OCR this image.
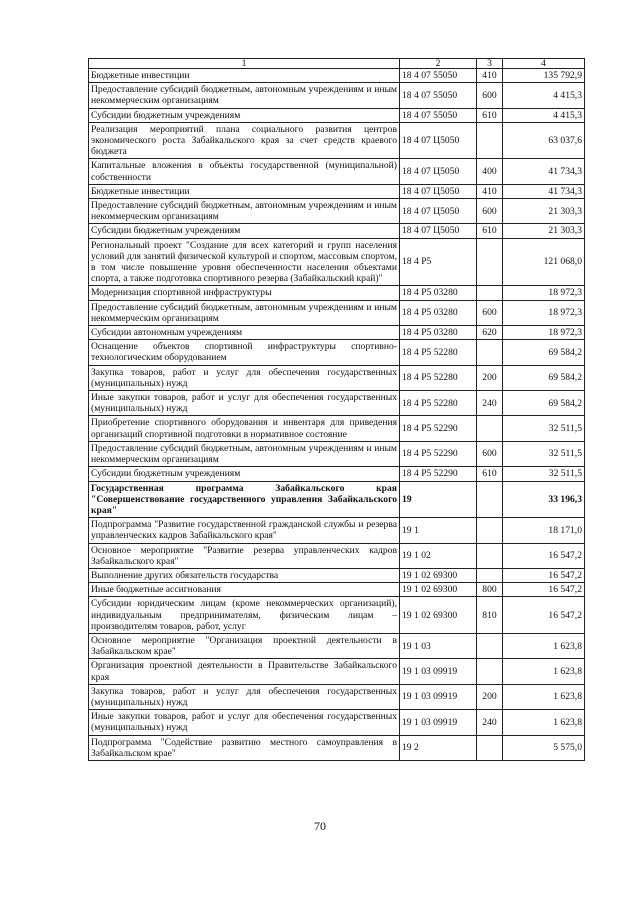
1	2	3	4
Бюджетные инвестиции	18 4 07 55050	410	135 792,9
Предоставление субсидий бюджетным, автономным учреждениям и иным некоммерческим организациям	18 4 07 55050	600	4 415,3
Субсидии бюджетным учреждениям	18 4 07 55050	610	4 415,3
Реализация мероприятий плана социального развития центров экономического роста Забайкальского края за счет средств краевого бюджета	18 4 07 Ц5050		63 037,6
Капитальные вложения в объекты государственной (муниципальной) собственности	18 4 07 Ц5050	400	41 734,3
Бюджетные инвестиции	18 4 07 Ц5050	410	41 734,3
Предоставление субсидий бюджетным, автономным учреждениям и иным некоммерческим организациям	18 4 07 Ц5050	600	21 303,3
Субсидии бюджетным учреждениям	18 4 07 Ц5050	610	21 303,3
Региональный проект "Создание для всех категорий и групп населения условий для занятий физической культурой и спортом, массовым спортом, в том числе повышение уровня обеспеченности населения объектами спорта, а также подготовка спортивного резерва (Забайкальский край)"	18 4 P5		121 068,0
Модернизация спортивной инфраструктуры	18 4 P5 03280		18 972,3
Предоставление субсидий бюджетным, автономным учреждениям и иным некоммерческим организациям	18 4 P5 03280	600	18 972,3
Субсидии автономным учреждениям	18 4 P5 03280	620	18 972,3
Оснащение объектов спортивной инфраструктуры спортивно-технологическим оборудованием	18 4 P5 52280		69 584,2
Закупка товаров, работ и услуг для обеспечения государственных (муниципальных) нужд	18 4 P5 52280	200	69 584,2
Иные закупки товаров, работ и услуг для обеспечения государственных (муниципальных) нужд	18 4 P5 52280	240	69 584,2
Приобретение спортивного оборудования и инвентаря для приведения организаций спортивной подготовки в нормативное состояние	18 4 P5 52290		32 511,5
Предоставление субсидий бюджетным, автономным учреждениям и иным некоммерческим организациям	18 4 P5 52290	600	32 511,5
Субсидии бюджетным учреждениям	18 4 P5 52290	610	32 511,5
Государственная программа Забайкальского края "Совершенствование государственного управления Забайкальского края"	19		33 196,3
Подпрограмма "Развитие государственной гражданской службы и резерва управленческих кадров Забайкальского края"	19 1		18 171,0
Основное мероприятие "Развитие резерва управленческих кадров Забайкальского края"	19 1 02		16 547,2
Выполнение других обязательств государства	19 1 02 69300		16 547,2
Иные бюджетные ассигнования	19 1 02 69300	800	16 547,2
Субсидии юридическим лицам (кроме некоммерческих организаций), индивидуальным предпринимателям, физическим лицам – производителям товаров, работ, услуг	19 1 02 69300	810	16 547,2
Основное мероприятие "Организация проектной деятельности в Забайкальском крае"	19 1 03		1 623,8
Организация проектной деятельности в Правительстве Забайкальского края	19 1 03 09919		1 623,8
Закупка товаров, работ и услуг для обеспечения государственных (муниципальных) нужд	19 1 03 09919	200	1 623,8
Иные закупки товаров, работ и услуг для обеспечения государственных (муниципальных) нужд	19 1 03 09919	240	1 623,8
Подпрограмма "Содействие развитию местного самоуправления в Забайкальском крае"	19 2		5 575,0
70
